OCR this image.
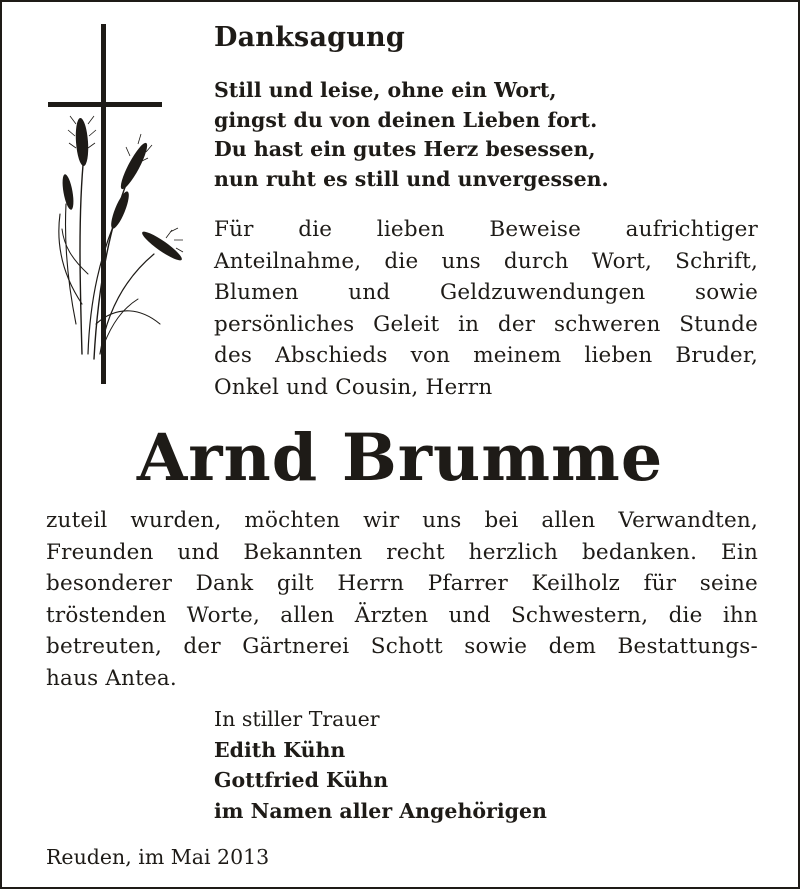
Danksagung
Still und leise, ohne ein Wort,
gingst du von deinen Lieben fort.
Du hast ein gutes Herz besessen,
nun ruht es still und unvergessen.
Für die lieben Beweise aufrichtiger
Anteilnahme, die uns durch Wort, Schrift,
Blumen und Geldzuwendungen sowie
persönliches Geleit in der schweren Stunde
des Abschieds von meinem lieben Bruder,
Onkel und Cousin, Herrn
Arnd Brumme
zuteil wurden, möchten wir uns bei allen Verwandten,
Freunden und Bekannten recht herzlich bedanken. Ein
besonderer Dank gilt Herrn Pfarrer Keilholz für seine
tröstenden Worte, allen Ärzten und Schwestern, die ihn
betreuten, der Gärtnerei Schott sowie dem Bestattungs-
haus Antea.
In stiller Trauer
Edith Kühn
Gottfried Kühn
im Namen aller Angehörigen
Reuden, im Mai 2013
